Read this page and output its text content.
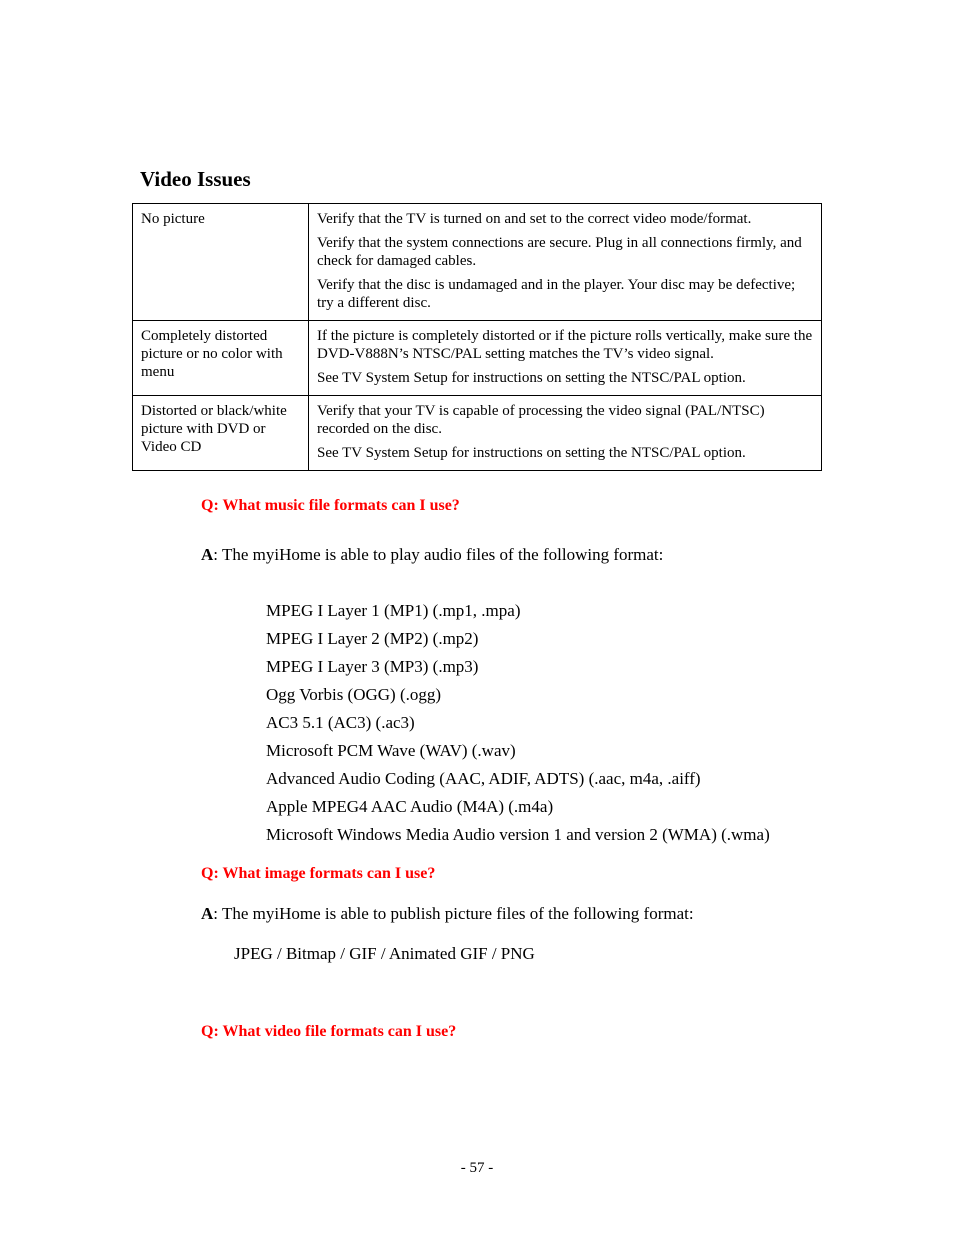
Video Issues
No picture	Verify that the TV is turned on and set to the correct video mode/format.

Verify that the system connections are secure. Plug in all connections firmly, and check for damaged cables.

Verify that the disc is undamaged and in the player. Your disc may be defective; try a different disc.

Completely distorted picture or no color with menu	If the picture is completely distorted or if the picture rolls vertically, make sure the DVD-V888N’s NTSC/PAL setting matches the TV’s video signal.

See TV System Setup for instructions on setting the NTSC/PAL option.

Distorted or black/white picture with DVD or Video CD	Verify that your TV is capable of processing the video signal (PAL/NTSC) recorded on the disc.

See TV System Setup for instructions on setting the NTSC/PAL option.

Q: What music file formats can I use?

A: The myiHome is able to play audio files of the following format:

MPEG I Layer 1 (MP1) (.mp1, .mpa)
MPEG I Layer 2 (MP2) (.mp2)
MPEG I Layer 3 (MP3) (.mp3)
Ogg Vorbis (OGG) (.ogg)
AC3 5.1 (AC3) (.ac3)
Microsoft PCM Wave (WAV) (.wav)
Advanced Audio Coding (AAC, ADIF, ADTS) (.aac, m4a, .aiff)
Apple MPEG4 AAC Audio (M4A) (.m4a)
Microsoft Windows Media Audio version 1 and version 2 (WMA) (.wma)

Q: What image formats can I use?

A: The myiHome is able to publish picture files of the following format:

JPEG / Bitmap / GIF / Animated GIF / PNG

Q: What video file formats can I use?

- 57 -
